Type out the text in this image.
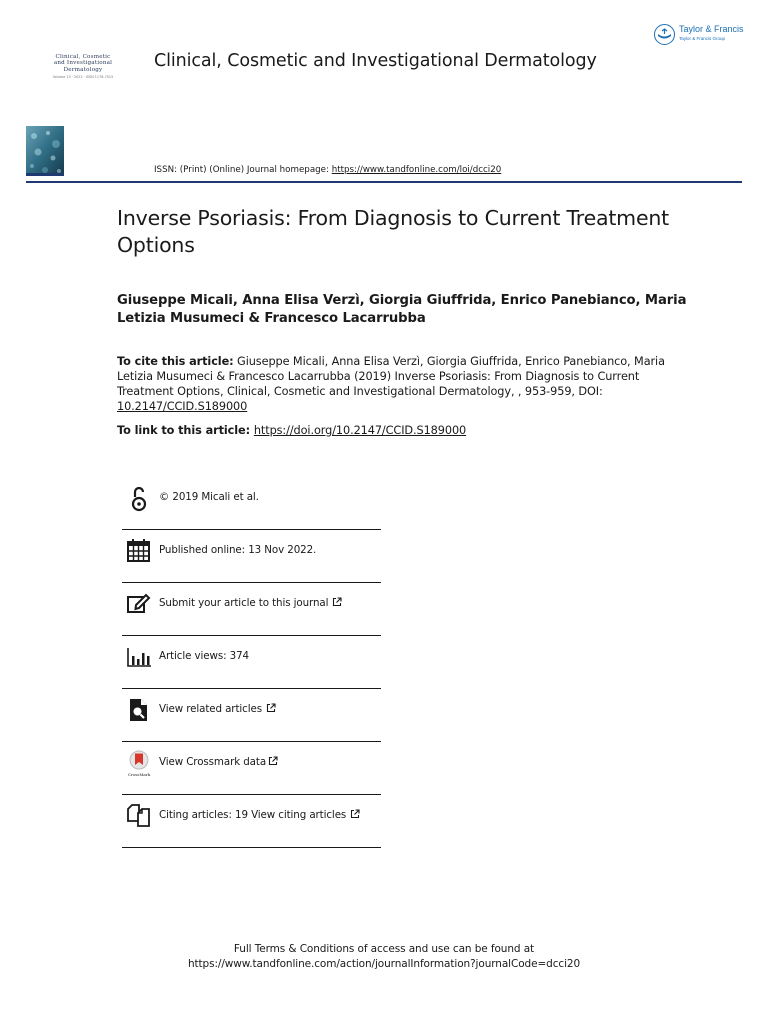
Taylor & Francis
Taylor & Francis Group
Clinical, Cosmetic
and Investigational
Dermatology
Volume 15 · 2022 · ISSN 1178-7015
Clinical, Cosmetic and Investigational Dermatology
ISSN: (Print) (Online) Journal homepage: https://www.tandfonline.com/loi/dcci20
Inverse Psoriasis: From Diagnosis to Current Treatment Options
Giuseppe Micali, Anna Elisa Verzì, Giorgia Giuffrida, Enrico Panebianco, Maria Letizia Musumeci & Francesco Lacarrubba
To cite this article: Giuseppe Micali, Anna Elisa Verzì, Giorgia Giuffrida, Enrico Panebianco, Maria Letizia Musumeci & Francesco Lacarrubba (2019) Inverse Psoriasis: From Diagnosis to Current Treatment Options, Clinical, Cosmetic and Investigational Dermatology, , 953-959, DOI: 10.2147/CCID.S189000
To link to this article: https://doi.org/10.2147/CCID.S189000
© 2019 Micali et al.
Published online: 13 Nov 2022.
Submit your article to this journal
Article views: 374
View related articles
CrossMark
View Crossmark data
Citing articles: 19 View citing articles
Full Terms & Conditions of access and use can be found at
https://www.tandfonline.com/action/journalInformation?journalCode=dcci20
